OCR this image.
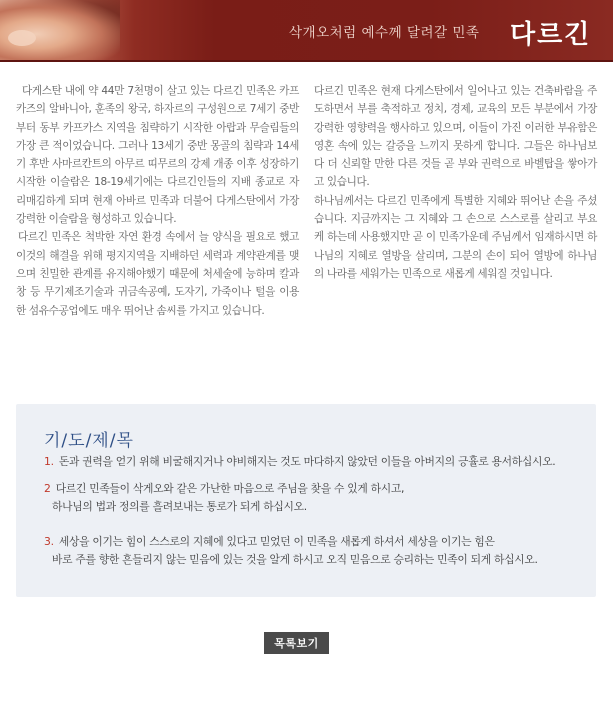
삭개오처럼 예수께 달려갈 민족 다르긴

다게스탄 내에 약 44만 7천명이 살고 있는 다르긴 민족은 카프카즈의 알바니아, 훈족의 왕국, 하자르의 구성원으로 7세기 중반부터 동부 카프카스 지역을 침략하기 시작한 아랍과 무슬림들의 가장 큰 적이었습니다. 그러나 13세기 중반 몽골의 침략과 14세기 후반 사마르칸트의 아무르 띠무르의 강제 개종 이후 성장하기 시작한 이슬람은 18-19세기에는 다르긴인들의 지배 종교로 자리매김하게 되며 현재 아바르 민족과 더불어 다게스탄에서 가장 강력한 이슬람을 형성하고 있습니다.

다르긴 민족은 척박한 자연 환경 속에서 늘 양식을 필요로 했고 이것의 해결을 위해 평지지역을 지배하던 세력과 계약관계를 맺으며 친밀한 관계를 유지해야했기 때문에 처세술에 능하며 칼과 창 등 무기제조기술과 귀금속공예, 도자기, 가죽이나 털을 이용한 섬유수공업에도 매우 뛰어난 솜씨를 가지고 있습니다.

다르긴 민족은 현재 다게스탄에서 일어나고 있는 건축바람을 주도하면서 부를 축적하고 정치, 경제, 교육의 모든 부분에서 가장 강력한 영향력을 행사하고 있으며, 이들이 가진 이러한 부유함은 영혼 속에 있는 갈증을 느끼지 못하게 합니다. 그들은 하나님보다 더 신뢰할 만한 다른 것들 곧 부와 권력으로 바벨탑을 쌓아가고 있습니다.

하나님께서는 다르긴 민족에게 특별한 지혜와 뛰어난 손을 주셨습니다. 지금까지는 그 지혜와 그 손으로 스스로를 살리고 부요케 하는데 사용했지만 곧 이 민족가운데 주님께서 임재하시면 하나님의 지혜로 열방을 살리며, 그분의 손이 되어 열방에 하나님의 나라를 세워가는 민족으로 새롭게 세워질 것입니다.

기/도/제/목
1. 돈과 권력을 얻기 위해 비굴해지거나 야비해지는 것도 마다하지 않았던 이들을 아버지의 긍휼로 용서하십시오.
2 다르긴 민족들이 삭게오와 같은 가난한 마음으로 주님을 찾을 수 있게 하시고,
하나님의 법과 정의를 흘려보내는 통로가 되게 하십시오.
3. 세상을 이기는 힘이 스스로의 지혜에 있다고 믿었던 이 민족을 새롭게 하셔서 세상을 이기는 힘은
바로 주를 향한 흔들리지 않는 믿음에 있는 것을 알게 하시고 오직 믿음으로 승리하는 민족이 되게 하십시오.
목록보기
